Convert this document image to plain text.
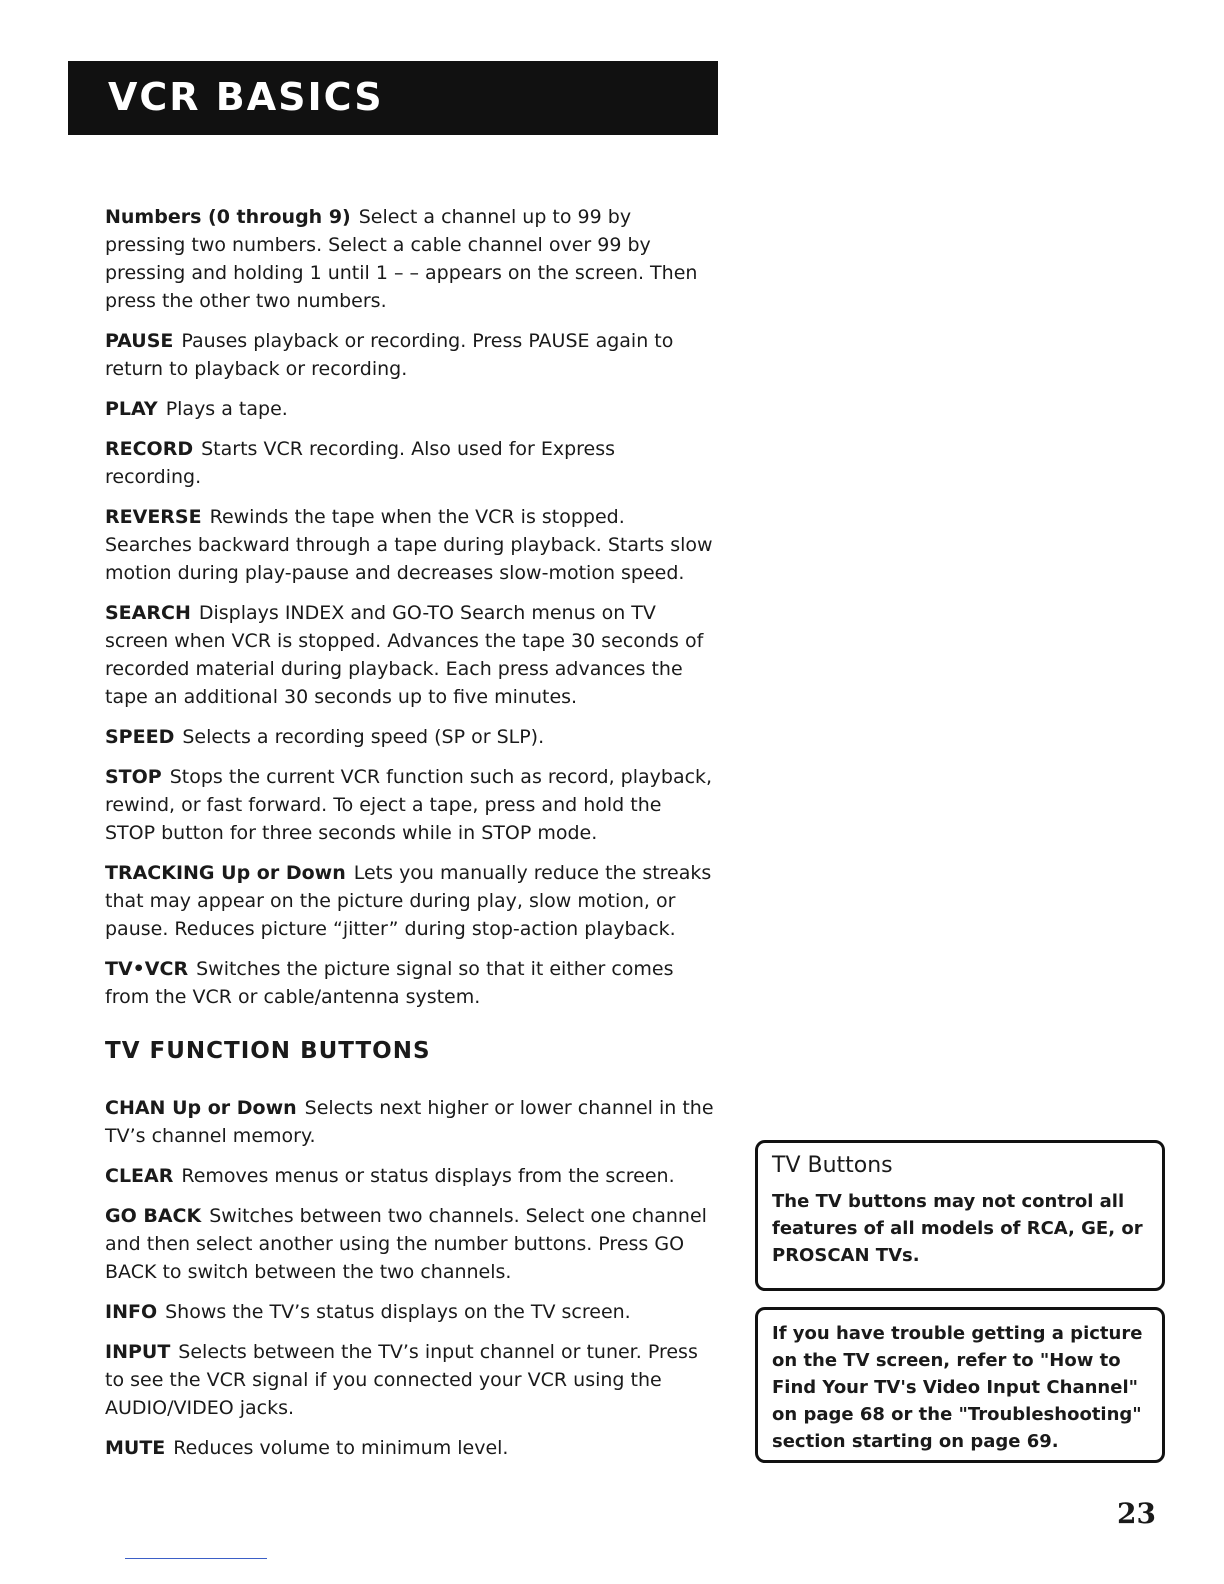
VCR BASICS

Numbers (0 through 9) Select a channel up to 99 by pressing two numbers. Select a cable channel over 99 by pressing and holding 1 until 1 – – appears on the screen. Then press the other two numbers.

PAUSE Pauses playback or recording. Press PAUSE again to return to playback or recording.

PLAY Plays a tape.

RECORD Starts VCR recording. Also used for Express recording.

REVERSE Rewinds the tape when the VCR is stopped. Searches backward through a tape during playback. Starts slow motion during play-pause and decreases slow-motion speed.

SEARCH Displays INDEX and GO-TO Search menus on TV screen when VCR is stopped. Advances the tape 30 seconds of recorded material during playback. Each press advances the tape an additional 30 seconds up to five minutes.

SPEED Selects a recording speed (SP or SLP).

STOP Stops the current VCR function such as record, playback, rewind, or fast forward. To eject a tape, press and hold the STOP button for three seconds while in STOP mode.

TRACKING Up or Down Lets you manually reduce the streaks that may appear on the picture during play, slow motion, or pause. Reduces picture “jitter” during stop-action playback.

TV•VCR Switches the picture signal so that it either comes from the VCR or cable/antenna system.

TV FUNCTION BUTTONS

CHAN Up or Down Selects next higher or lower channel in the TV’s channel memory.

CLEAR Removes menus or status displays from the screen.

GO BACK Switches between two channels. Select one channel and then select another using the number buttons. Press GO BACK to switch between the two channels.

INFO Shows the TV’s status displays on the TV screen.

INPUT Selects between the TV’s input channel or tuner. Press to see the VCR signal if you connected your VCR using the AUDIO/VIDEO jacks.

MUTE Reduces volume to minimum level.

TV Buttons
The TV buttons may not control all features of all models of RCA, GE, or PROSCAN TVs.
If you have trouble getting a picture on the TV screen, refer to "How to Find Your TV's Video Input Channel" on page 68 or the "Troubleshooting" section starting on page 69.
23
